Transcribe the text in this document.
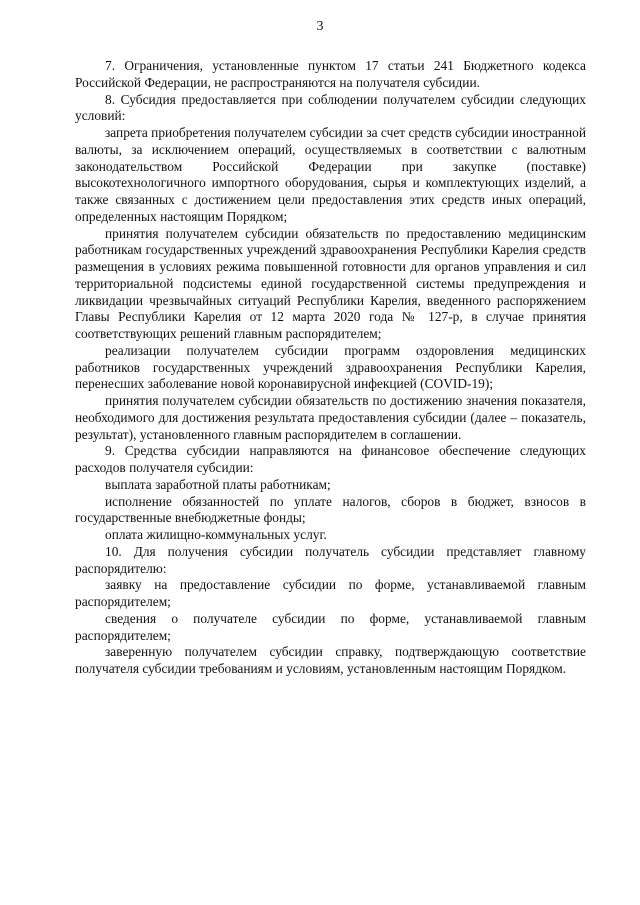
3

7. Ограничения, установленные пунктом 17 статьи 241 Бюджетного кодекса Российской Федерации, не распространяются на получателя субсидии.

8. Субсидия предоставляется при соблюдении получателем субсидии следующих условий:

запрета приобретения получателем субсидии за счет средств субсидии иностранной валюты, за исключением операций, осуществляемых в соответствии с валютным законодательством Российской Федерации при закупке (поставке) высокотехнологичного импортного оборудования, сырья и комплектующих изделий, а также связанных с достижением цели предоставления этих средств иных операций, определенных настоящим Порядком;

принятия получателем субсидии обязательств по предоставлению медицинским работникам государственных учреждений здравоохранения Республики Карелия средств размещения в условиях режима повышенной готовности для органов управления и сил территориальной подсистемы единой государственной системы предупреждения и ликвидации чрезвычайных ситуаций Республики Карелия, введенного распоряжением Главы Республики Карелия от 12 марта 2020 года № 127-р, в случае принятия соответствующих решений главным распорядителем;

реализации получателем субсидии программ оздоровления медицинских работников государственных учреждений здравоохранения Республики Карелия, перенесших заболевание новой коронавирусной инфекцией (COVID-19);

принятия получателем субсидии обязательств по достижению значения показателя, необходимого для достижения результата предоставления субсидии (далее – показатель, результат), установленного главным распорядителем в соглашении.

9. Средства субсидии направляются на финансовое обеспечение следующих расходов получателя субсидии:

выплата заработной платы работникам;

исполнение обязанностей по уплате налогов, сборов в бюджет, взносов в государственные внебюджетные фонды;

оплата жилищно-коммунальных услуг.

10. Для получения субсидии получатель субсидии представляет главному распорядителю:

заявку на предоставление субсидии по форме, устанавливаемой главным распорядителем;

сведения о получателе субсидии по форме, устанавливаемой главным распорядителем;

заверенную получателем субсидии справку, подтверждающую соответствие получателя субсидии требованиям и условиям, установленным настоящим Порядком.
